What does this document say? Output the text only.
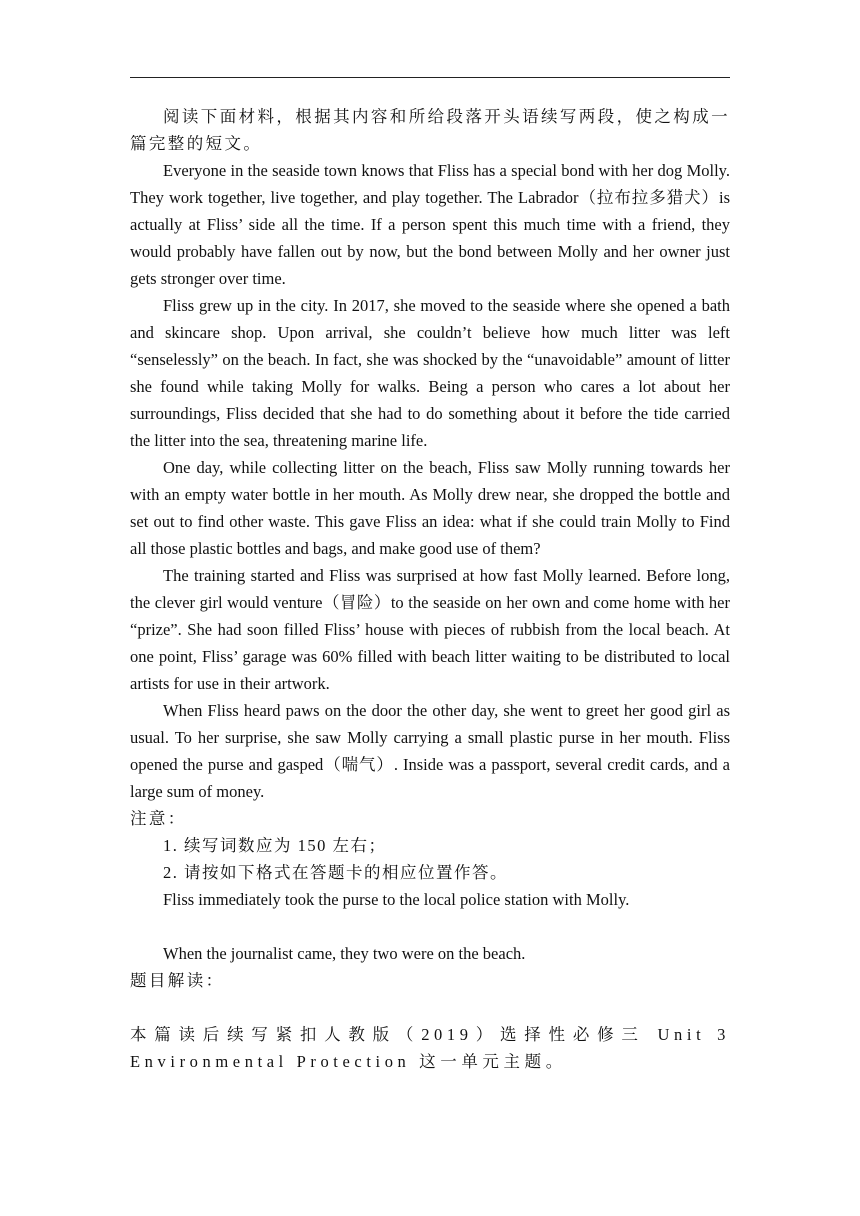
阅读下面材料，根据其内容和所给段落开头语续写两段，使之构成一篇完整的短文。

Everyone in the seaside town knows that Fliss has a special bond with her dog Molly. They work together, live together, and play together. The Labrador（拉布拉多猎犬）is actually at Fliss’ side all the time. If a person spent this much time with a friend, they would probably have fallen out by now, but the bond between Molly and her owner just gets stronger over time.

Fliss grew up in the city. In 2017, she moved to the seaside where she opened a bath and skincare shop. Upon arrival, she couldn’t believe how much litter was left “senselessly” on the beach. In fact, she was shocked by the “unavoidable” amount of litter she found while taking Molly for walks. Being a person who cares a lot about her surroundings, Fliss decided that she had to do something about it before the tide carried the litter into the sea, threatening marine life.

One day, while collecting litter on the beach, Fliss saw Molly running towards her with an empty water bottle in her mouth. As Molly drew near, she dropped the bottle and set out to find other waste. This gave Fliss an idea: what if she could train Molly to Find all those plastic bottles and bags, and make good use of them?

The training started and Fliss was surprised at how fast Molly learned. Before long, the clever girl would venture（冒险）to the seaside on her own and come home with her “prize”. She had soon filled Fliss’ house with pieces of rubbish from the local beach. At one point, Fliss’ garage was 60% filled with beach litter waiting to be distributed to local artists for use in their artwork.

When Fliss heard paws on the door the other day, she went to greet her good girl as usual. To her surprise, she saw Molly carrying a small plastic purse in her mouth. Fliss opened the purse and gasped（喘气）. Inside was a passport, several credit cards, and a large sum of money.

注意：

1. 续写词数应为 150 左右；

2. 请按如下格式在答题卡的相应位置作答。

Fliss immediately took the purse to the local police station with Molly.

When the journalist came, they two were on the beach.

题目解读：

本篇读后续写紧扣人教版（2019）选择性必修三 Unit 3 Environmental Protection 这一单元主题。
